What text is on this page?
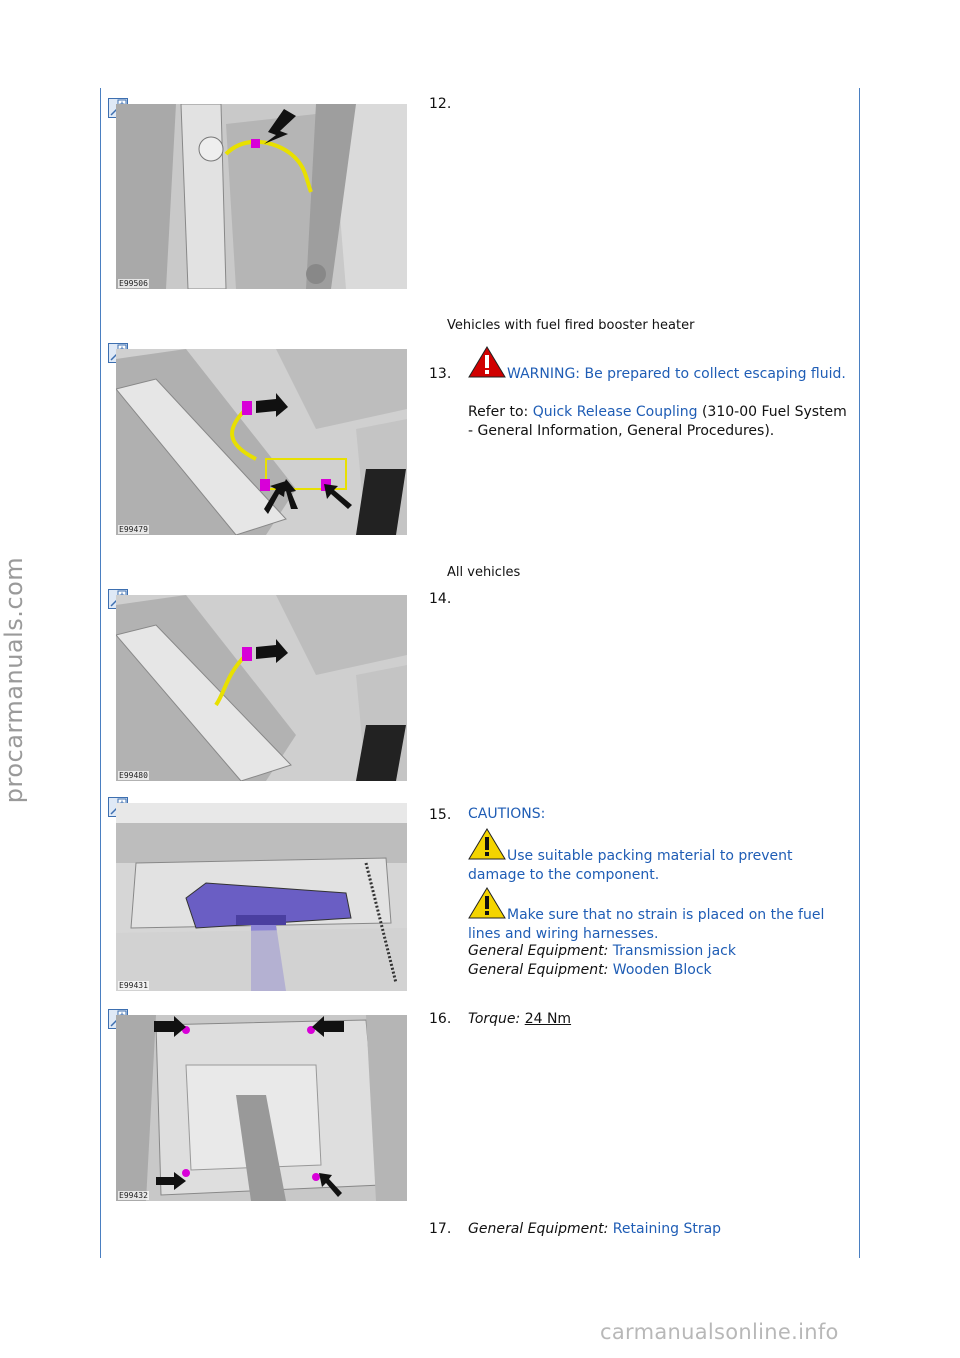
procarmanuals.com
carmanualsonline.info
E99506
12.
Vehicles with fuel fired booster heater
E99479
13.	WARNING: Be prepared to collect escaping fluid.
Refer to: Quick Release Coupling (310-00 Fuel System - General Information, General Procedures).
All vehicles
E99480
14.
E99431
15. CAUTIONS:
Use suitable packing material to prevent damage to the component.
Make sure that no strain is placed on the fuel lines and wiring harnesses.
General Equipment: Transmission jack
General Equipment: Wooden Block
E99432
16. Torque: 24 Nm
17. General Equipment: Retaining Strap
